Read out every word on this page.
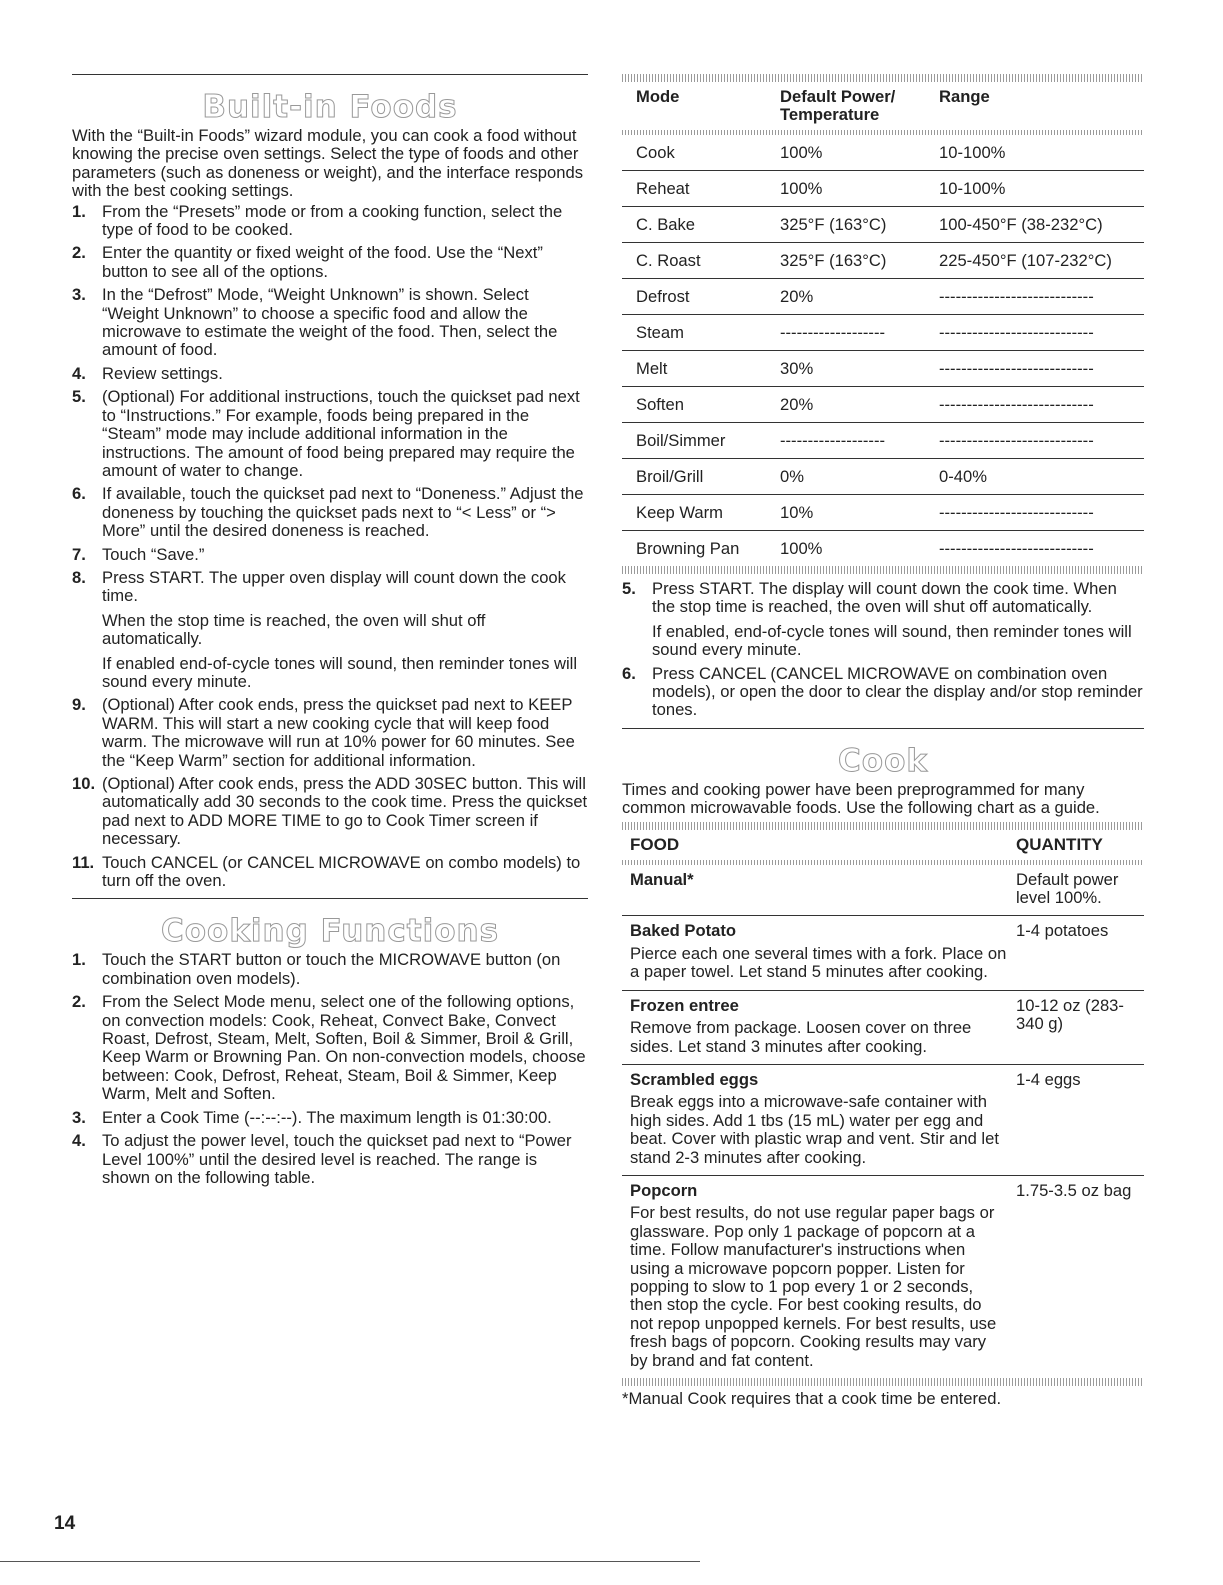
Built-in Foods

With the “Built-in Foods” wizard module, you can cook a food without knowing the precise oven settings. Select the type of foods and other parameters (such as doneness or weight), and the interface responds with the best cooking settings.

1. From the “Presets” mode or from a cooking function, select the type of food to be cooked.
2. Enter the quantity or fixed weight of the food. Use the “Next” button to see all of the options.
3. In the “Defrost” Mode, “Weight Unknown” is shown. Select “Weight Unknown” to choose a specific food and allow the microwave to estimate the weight of the food. Then, select the amount of food.
4. Review settings.
5. (Optional) For additional instructions, touch the quickset pad next to “Instructions.” For example, foods being prepared in the “Steam” mode may include additional information in the instructions. The amount of food being prepared may require the amount of water to change.
6. If available, touch the quickset pad next to “Doneness.” Adjust the doneness by touching the quickset pads next to “< Less” or “> More” until the desired doneness is reached.
7. Touch “Save.”
8. Press START. The upper oven display will count down the cook time.
When the stop time is reached, the oven will shut off automatically.
If enabled end-of-cycle tones will sound, then reminder tones will sound every minute.
9. (Optional) After cook ends, press the quickset pad next to KEEP WARM. This will start a new cooking cycle that will keep food warm. The microwave will run at 10% power for 60 minutes. See the “Keep Warm” section for additional information.
10. (Optional) After cook ends, press the ADD 30SEC button. This will automatically add 30 seconds to the cook time. Press the quickset pad next to ADD MORE TIME to go to Cook Timer screen if necessary.
11. Touch CANCEL (or CANCEL MICROWAVE on combo models) to turn off the oven.
Cooking Functions
1. Touch the START button or touch the MICROWAVE button (on combination oven models).
2. From the Select Mode menu, select one of the following options, on convection models: Cook, Reheat, Convect Bake, Convect Roast, Defrost, Steam, Melt, Soften, Boil & Simmer, Broil & Grill, Keep Warm or Browning Pan. On non-convection models, choose between: Cook, Defrost, Reheat, Steam, Boil & Simmer, Keep Warm, Melt and Soften.
3. Enter a Cook Time (--:--:--). The maximum length is 01:30:00.
4. To adjust the power level, touch the quickset pad next to “Power Level 100%” until the desired level is reached. The range is shown on the following table.
Mode	Default Power/ Temperature	Range

Cook	100%	10-100%
Reheat	100%	10-100%
C. Bake	325°F (163°C)	100-450°F (38-232°C)
C. Roast	325°F (163°C)	225-450°F (107-232°C)
Defrost	20%	----------------------------
Steam	-------------------	----------------------------
Melt	30%	----------------------------
Soften	20%	----------------------------
Boil/Simmer	-------------------	----------------------------
Broil/Grill	0%	0-40%
Keep Warm	10%	----------------------------
Browning Pan	100%	----------------------------
5. Press START. The display will count down the cook time. When the stop time is reached, the oven will shut off automatically.
If enabled, end-of-cycle tones will sound, then reminder tones will sound every minute.
6. Press CANCEL (CANCEL MICROWAVE on combination oven models), or open the door to clear the display and/or stop reminder tones.
Cook

Times and cooking power have been preprogrammed for many common microwavable foods. Use the following chart as a guide.

FOOD	QUANTITY

Manual*	Default power level 100%.

Baked Potato
Pierce each one several times with a fork. Place on a paper towel. Let stand 5 minutes after cooking.	1-4 potatoes

Frozen entree
Remove from package. Loosen cover on three sides. Let stand 3 minutes after cooking.	10-12 oz (283-340 g)

Scrambled eggs
Break eggs into a microwave-safe container with high sides. Add 1 tbs (15 mL) water per egg and beat. Cover with plastic wrap and vent. Stir and let stand 2-3 minutes after cooking.	1-4 eggs

Popcorn
For best results, do not use regular paper bags or glassware. Pop only 1 package of popcorn at a time. Follow manufacturer's instructions when using a microwave popcorn popper. Listen for popping to slow to 1 pop every 1 or 2 seconds, then stop the cycle. For best cooking results, do not repop unpopped kernels. For best results, use fresh bags of popcorn. Cooking results may vary by brand and fat content.	1.75-3.5 oz bag

*Manual Cook requires that a cook time be entered.

14
